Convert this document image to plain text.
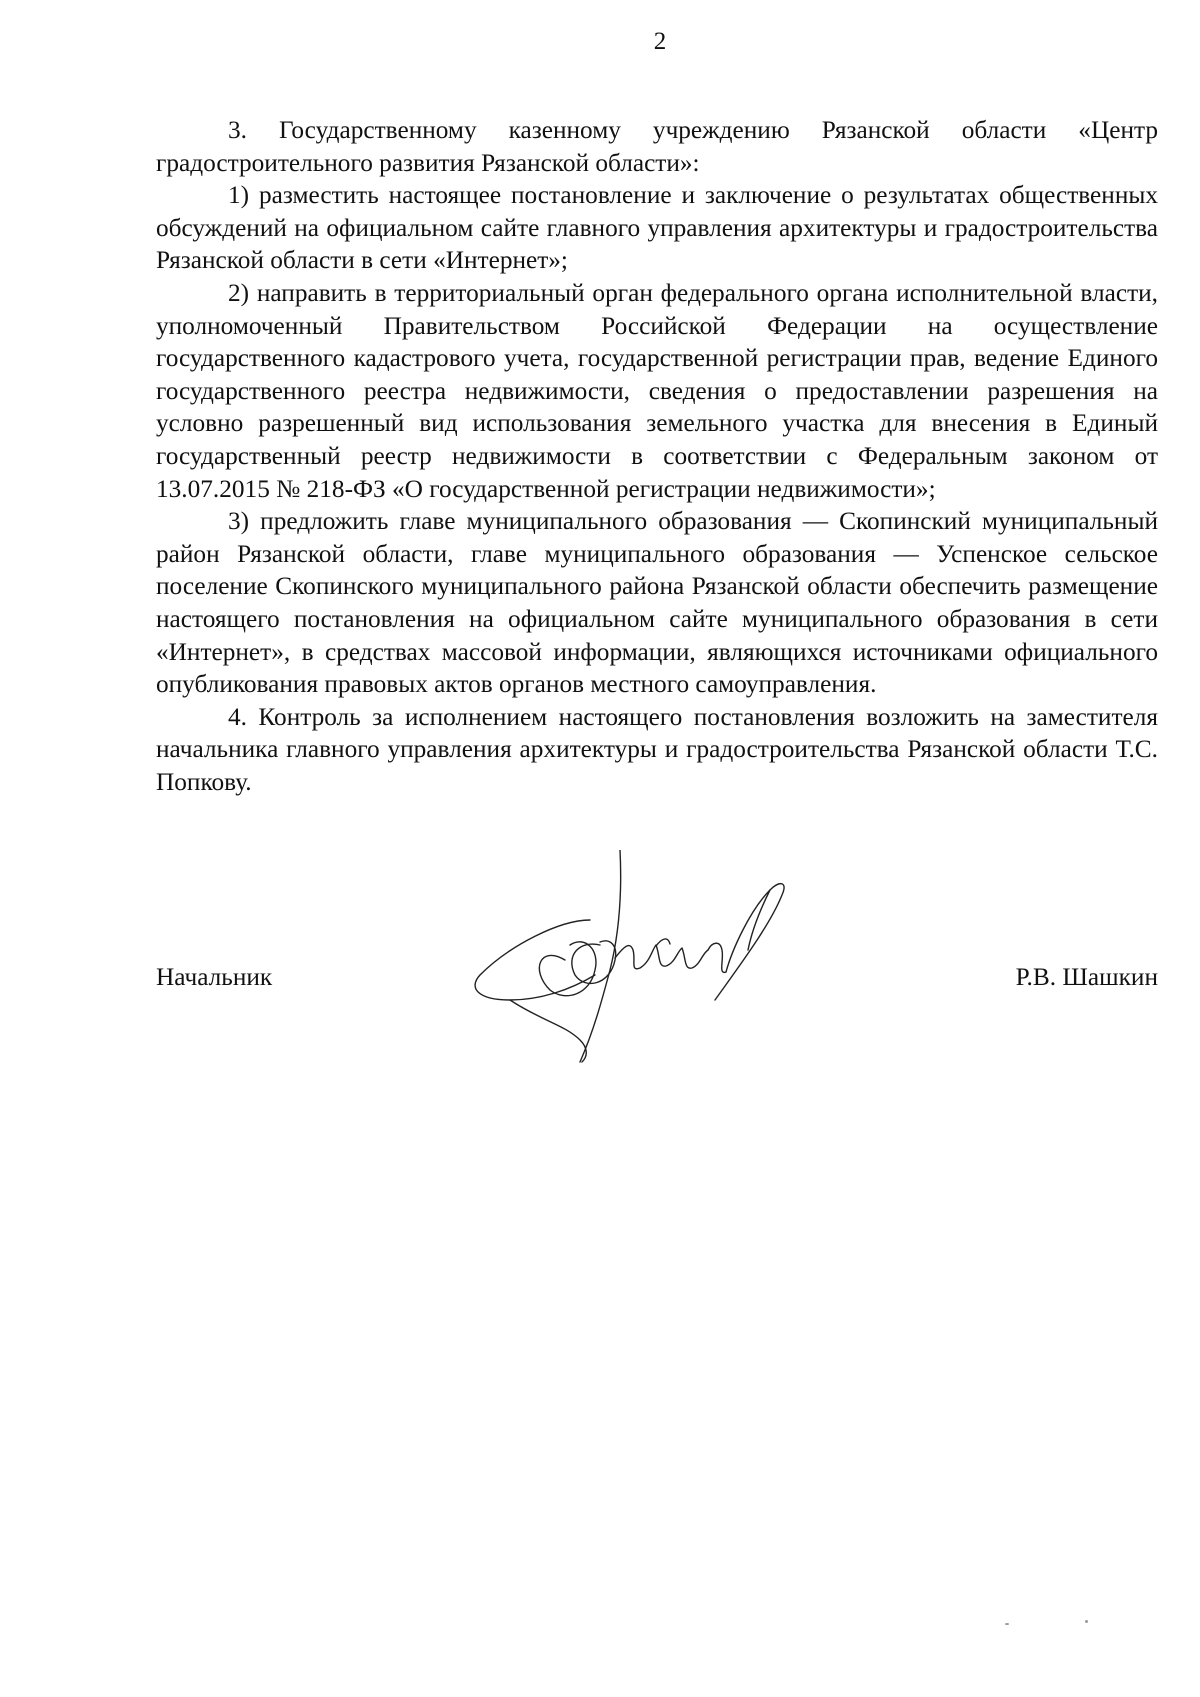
2

3. Государственному казенному учреждению Рязанской области «Центр градостроительного развития Рязанской области»:

1) разместить настоящее постановление и заключение о результатах общественных обсуждений на официальном сайте главного управления архитектуры и градостроительства Рязанской области в сети «Интернет»;

2) направить в территориальный орган федерального органа исполнительной власти, уполномоченный Правительством Российской Федерации на осуществление государственного кадастрового учета, государственной регистрации прав, ведение Единого государственного реестра недвижимости, сведения о предоставлении разрешения на условно разрешенный вид использования земельного участка для внесения в Единый государственный реестр недвижимости в соответствии с Федеральным законом от 13.07.2015 № 218-ФЗ «О государственной регистрации недвижимости»;

3) предложить главе муниципального образования — Скопинский муниципальный район Рязанской области, главе муниципального образования — Успенское сельское поселение Скопинского муниципального района Рязанской области обеспечить размещение настоящего постановления на официальном сайте муниципального образования в сети «Интернет», в средствах массовой информации, являющихся источниками официального опубликования правовых актов органов местного самоуправления.

4. Контроль за исполнением настоящего постановления возложить на заместителя начальника главного управления архитектуры и градостроительства Рязанской области Т.С. Попкову.

Начальник	Р.В. Шашкин
